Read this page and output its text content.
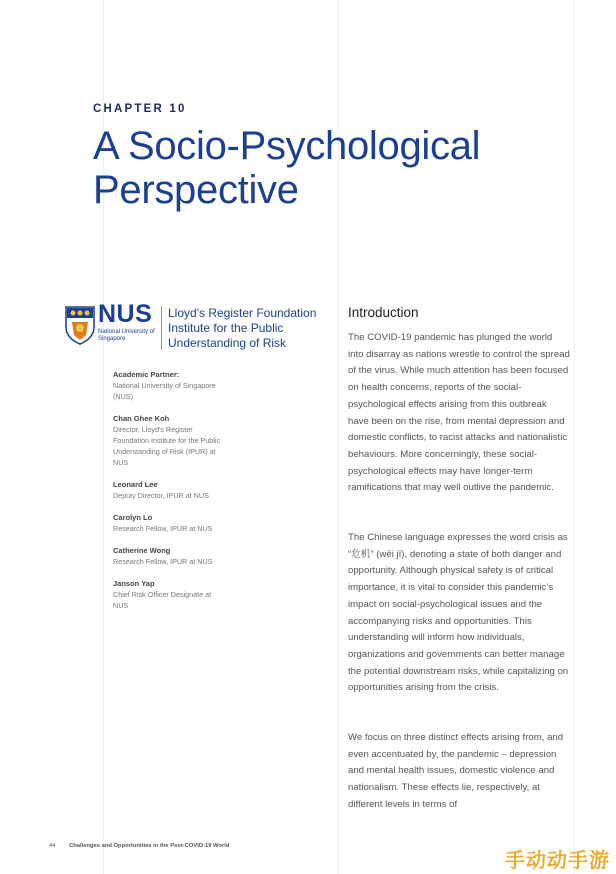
CHAPTER 10
A Socio-Psychological Perspective
NUS
National University of Singapore
Lloyd's Register Foundation Institute for the Public Understanding of Risk
Academic Partner:
National University of Singapore (NUS)
Chan Ghee Koh
Director, Lloyd's Register Foundation Institute for the Public Understanding of Risk (IPUR) at NUS
Leonard Lee
Deputy Director, IPUR at NUS
Carolyn Lo
Research Fellow, IPUR at NUS
Catherine Wong
Research Fellow, IPUR at NUS
Janson Yap
Chief Risk Officer Designate at NUS
Introduction

The COVID-19 pandemic has plunged the world into disarray as nations wrestle to control the spread of the virus. While much attention has been focused on health concerns, reports of the social-psychological effects arising from this outbreak have been on the rise, from mental depression and domestic conflicts, to racist attacks and nationalistic behaviours. More concerningly, these social-psychological effects may have longer-term ramifications that may well outlive the pandemic.

The Chinese language expresses the word crisis as “危机” (wēi jī), denoting a state of both danger and opportunity. Although physical safety is of critical importance, it is vital to consider this pandemic’s impact on social-psychological issues and the accompanying risks and opportunities. This understanding will inform how individuals, organizations and governments can better manage the potential downstream risks, while capitalizing on opportunities arising from the crisis.

We focus on three distinct effects arising from, and even accentuated by, the pandemic – depression and mental health issues, domestic violence and nationalism. These effects lie, respectively, at different levels in terms of

44 Challenges and Opportunities in the Post-COVID-19 World
手动动手游
